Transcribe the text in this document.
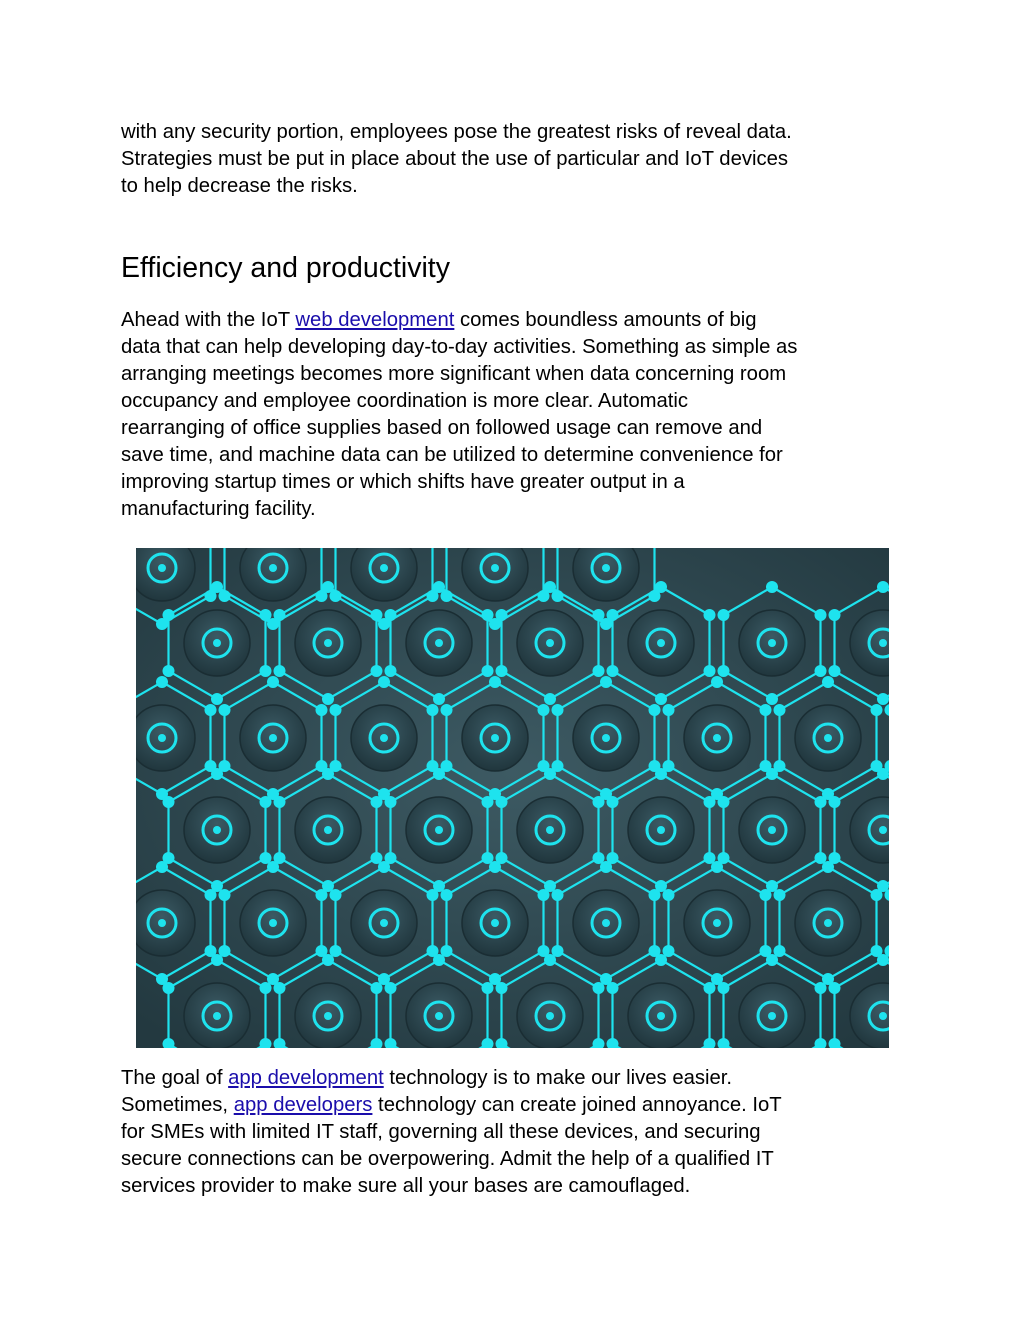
with any security portion, employees pose the greatest risks of reveal data.
Strategies must be put in place about the use of particular and IoT devices
to help decrease the risks.
Efficiency and productivity
Ahead with the IoT web development comes boundless amounts of big
data that can help developing day-to-day activities. Something as simple as
arranging meetings becomes more significant when data concerning room
occupancy and employee coordination is more clear. Automatic
rearranging of office supplies based on followed usage can remove and
save time, and machine data can be utilized to determine convenience for
improving startup times or which shifts have greater output in a
manufacturing facility.
The goal of app development technology is to make our lives easier.
Sometimes, app developers technology can create joined annoyance. IoT
for SMEs with limited IT staff, governing all these devices, and securing
secure connections can be overpowering. Admit the help of a qualified IT
services provider to make sure all your bases are camouflaged.
